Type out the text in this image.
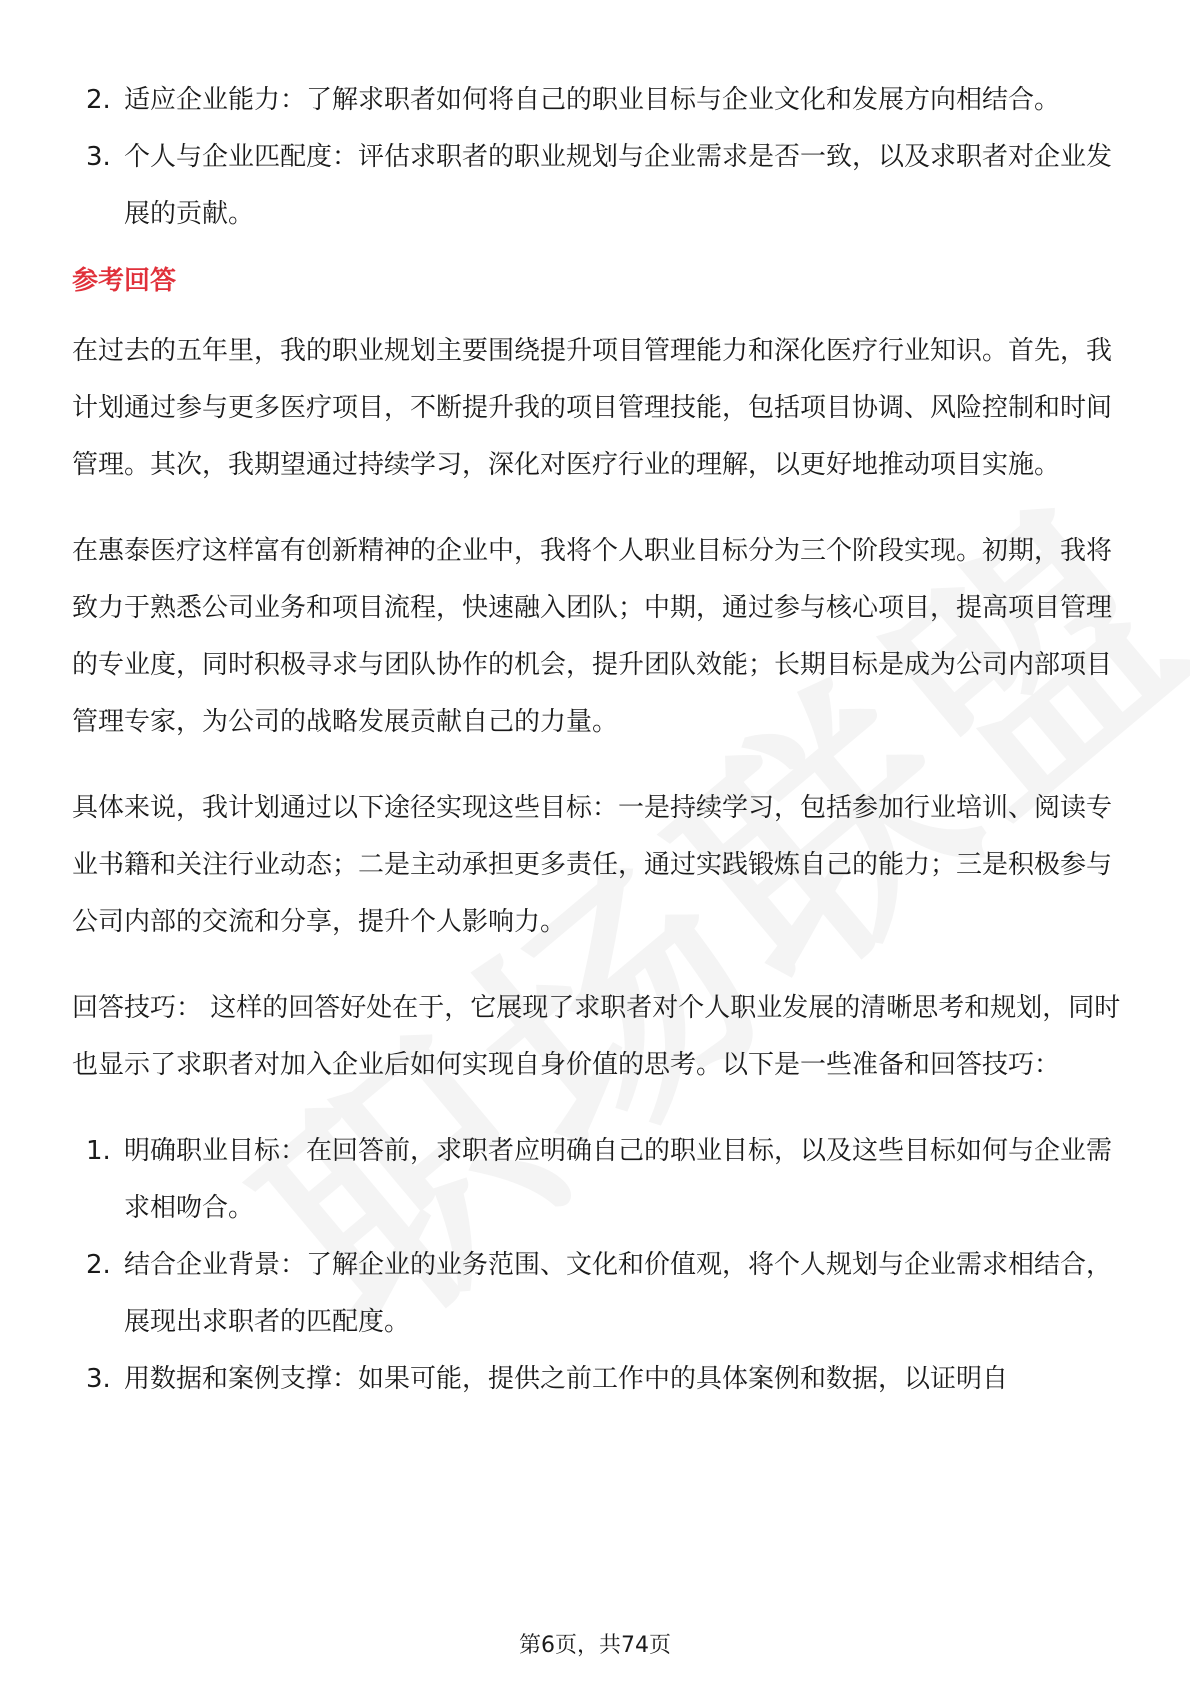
2. 适应企业能力：了解求职者如何将自己的职业目标与企业文化和发展方向相结合。
3. 个人与企业匹配度：评估求职者的职业规划与企业需求是否一致，以及求职者对企业发展的贡献。
参考回答

在过去的五年里，我的职业规划主要围绕提升项目管理能力和深化医疗行业知识。首先，我计划通过参与更多医疗项目，不断提升我的项目管理技能，包括项目协调、风险控制和时间管理。其次，我期望通过持续学习，深化对医疗行业的理解，以更好地推动项目实施。

在惠泰医疗这样富有创新精神的企业中，我将个人职业目标分为三个阶段实现。初期，我将致力于熟悉公司业务和项目流程，快速融入团队；中期，通过参与核心项目，提高项目管理的专业度，同时积极寻求与团队协作的机会，提升团队效能；长期目标是成为公司内部项目管理专家，为公司的战略发展贡献自己的力量。

具体来说，我计划通过以下途径实现这些目标：一是持续学习，包括参加行业培训、阅读专业书籍和关注行业动态；二是主动承担更多责任，通过实践锻炼自己的能力；三是积极参与公司内部的交流和分享，提升个人影响力。

回答技巧： 这样的回答好处在于，它展现了求职者对个人职业发展的清晰思考和规划，同时也显示了求职者对加入企业后如何实现自身价值的思考。以下是一些准备和回答技巧：

1. 明确职业目标：在回答前，求职者应明确自己的职业目标，以及这些目标如何与企业需求相吻合。
2. 结合企业背景：了解企业的业务范围、文化和价值观，将个人规划与企业需求相结合，展现出求职者的匹配度。
3. 用数据和案例支撑：如果可能，提供之前工作中的具体案例和数据，以证明自
第6页，共74页
